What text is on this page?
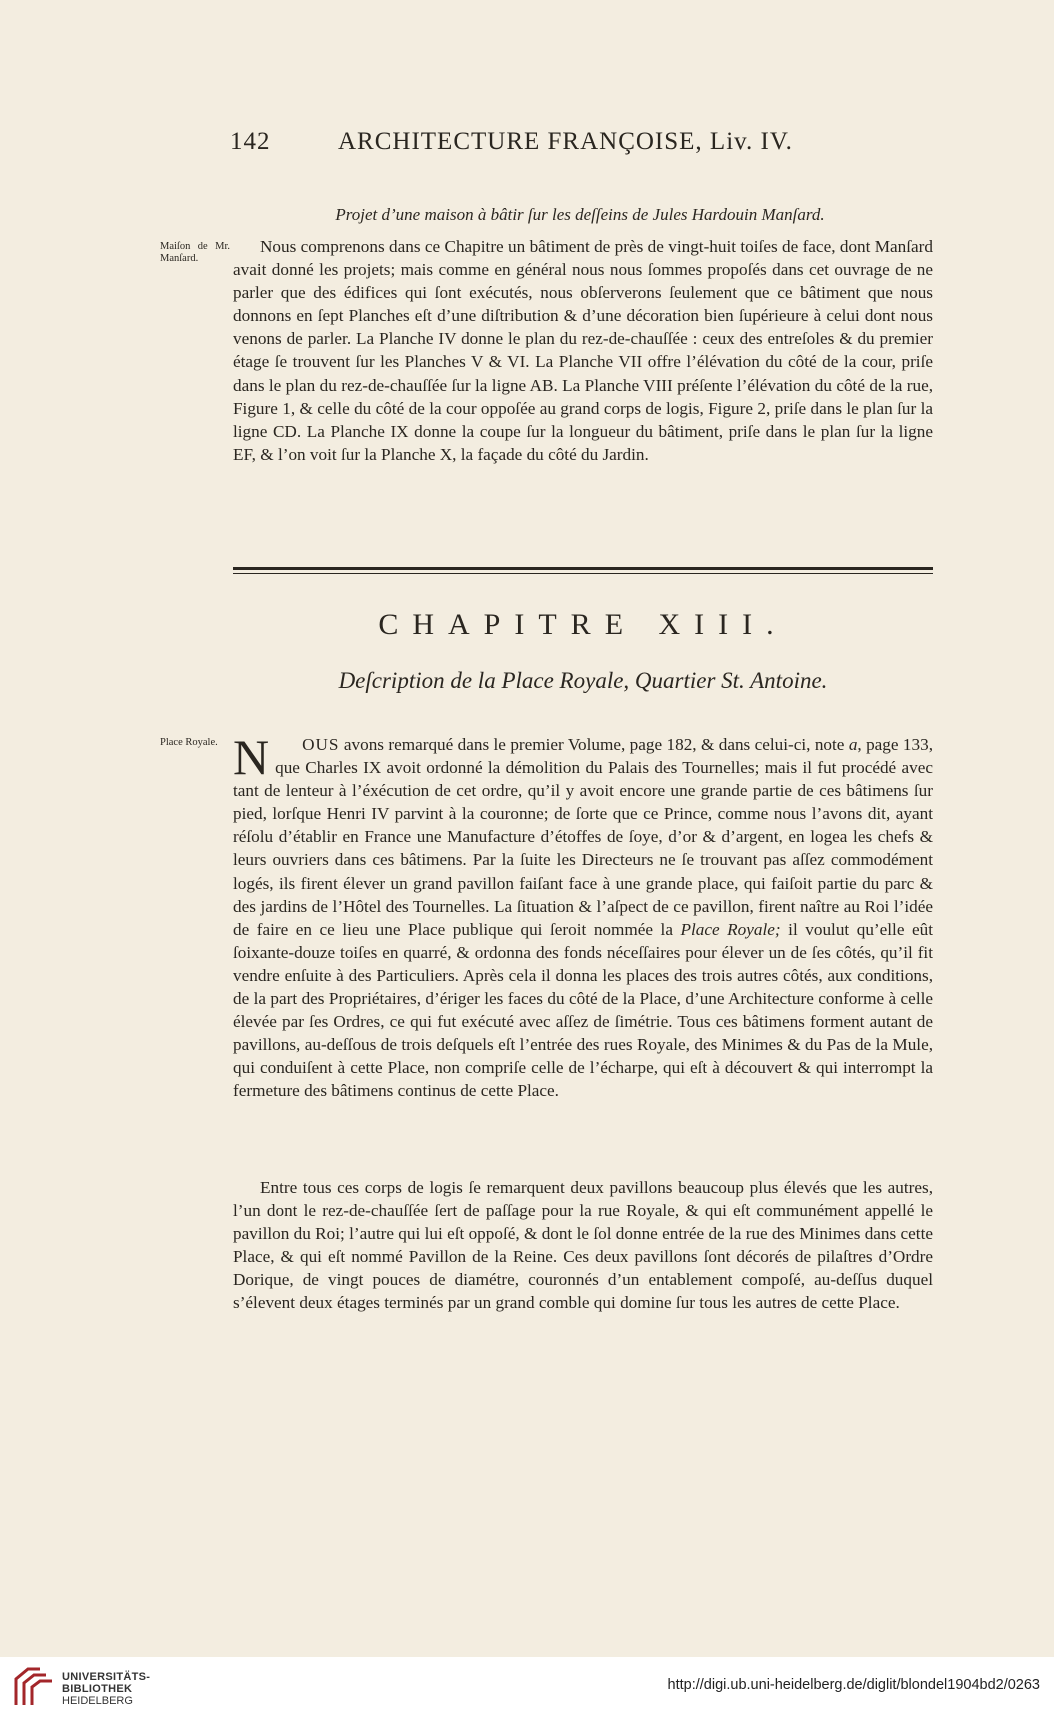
142	ARCHITECTURE FRANÇOISE, Liv. IV.
Projet d’une maison à bâtir ſur les deſſeins de Jules Hardouin Manſard.
Maiſon de Mr. Manſard.
Nous comprenons dans ce Chapitre un bâtiment de près de vingt-huit toiſes de face, dont Manſard avait donné les projets; mais comme en général nous nous ſommes propoſés dans cet ouvrage de ne parler que des édifices qui ſont exécutés, nous obſerverons ſeulement que ce bâtiment que nous donnons en ſept Planches eſt d’une diſtribution & d’une décoration bien ſupérieure à celui dont nous venons de parler. La Planche IV donne le plan du rez-de-chauſſée : ceux des entreſoles & du premier étage ſe trouvent ſur les Planches V & VI. La Planche VII offre l’élévation du côté de la cour, priſe dans le plan du rez-de-chauſſée ſur la ligne AB. La Planche VIII préſente l’élévation du côté de la rue, Figure 1, & celle du côté de la cour oppoſée au grand corps de logis, Figure 2, priſe dans le plan ſur la ligne CD. La Planche IX donne la coupe ſur la longueur du bâtiment, priſe dans le plan ſur la ligne EF, & l’on voit ſur la Planche X, la façade du côté du Jardin.
CHAPITRE XIII.
Deſcription de la Place Royale, Quartier St. Antoine.
Place Royale. N OUS avons remarqué dans le premier Volume, page 182, & dans celui-ci, note a, page 133, que Charles IX avoit ordonné la démolition du Palais des Tournelles; mais il fut procédé avec tant de lenteur à l’éxécution de cet ordre, qu’il y avoit encore une grande partie de ces bâtimens ſur pied, lorſque Henri IV parvint à la couronne; de ſorte que ce Prince, comme nous l’avons dit, ayant réſolu d’établir en France une Manufacture d’étoffes de ſoye, d’or & d’argent, en logea les chefs & leurs ouvriers dans ces bâtimens. Par la ſuite les Directeurs ne ſe trouvant pas aſſez commodément logés, ils firent élever un grand pavillon faiſant face à une grande place, qui faiſoit partie du parc & des jardins de l’Hôtel des Tournelles. La ſituation & l’aſpect de ce pavillon, firent naître au Roi l’idée de faire en ce lieu une Place publique qui ſeroit nommée la Place Royale; il voulut qu’elle eût ſoixante-douze toiſes en quarré, & ordonna des fonds néceſſaires pour élever un de ſes côtés, qu’il fit vendre enſuite à des Particuliers. Après cela il donna les places des trois autres côtés, aux conditions, de la part des Propriétaires, d’ériger les faces du côté de la Place, d’une Architecture conforme à celle élevée par ſes Ordres, ce qui fut exécuté avec aſſez de ſimétrie. Tous ces bâtimens forment autant de pavillons, au-deſſous de trois deſquels eſt l’entrée des rues Royale, des Minimes & du Pas de la Mule, qui conduiſent à cette Place, non compriſe celle de l’écharpe, qui eſt à découvert & qui interrompt la fermeture des bâtimens continus de cette Place.
Entre tous ces corps de logis ſe remarquent deux pavillons beaucoup plus élevés que les autres, l’un dont le rez-de-chauſſée ſert de paſſage pour la rue Royale, & qui eſt communément appellé le pavillon du Roi; l’autre qui lui eſt oppoſé, & dont le ſol donne entrée de la rue des Minimes dans cette Place, & qui eſt nommé Pavillon de la Reine. Ces deux pavillons ſont décorés de pilaſtres d’Ordre Dorique, de vingt pouces de diamétre, couronnés d’un entablement compoſé, au-deſſus duquel s’élevent deux étages terminés par un grand comble qui domine ſur tous les autres de cette Place.
UNIVERSITÄTS-
BIBLIOTHEK
HEIDELBERG
http://digi.ub.uni-heidelberg.de/diglit/blondel1904bd2/0263
